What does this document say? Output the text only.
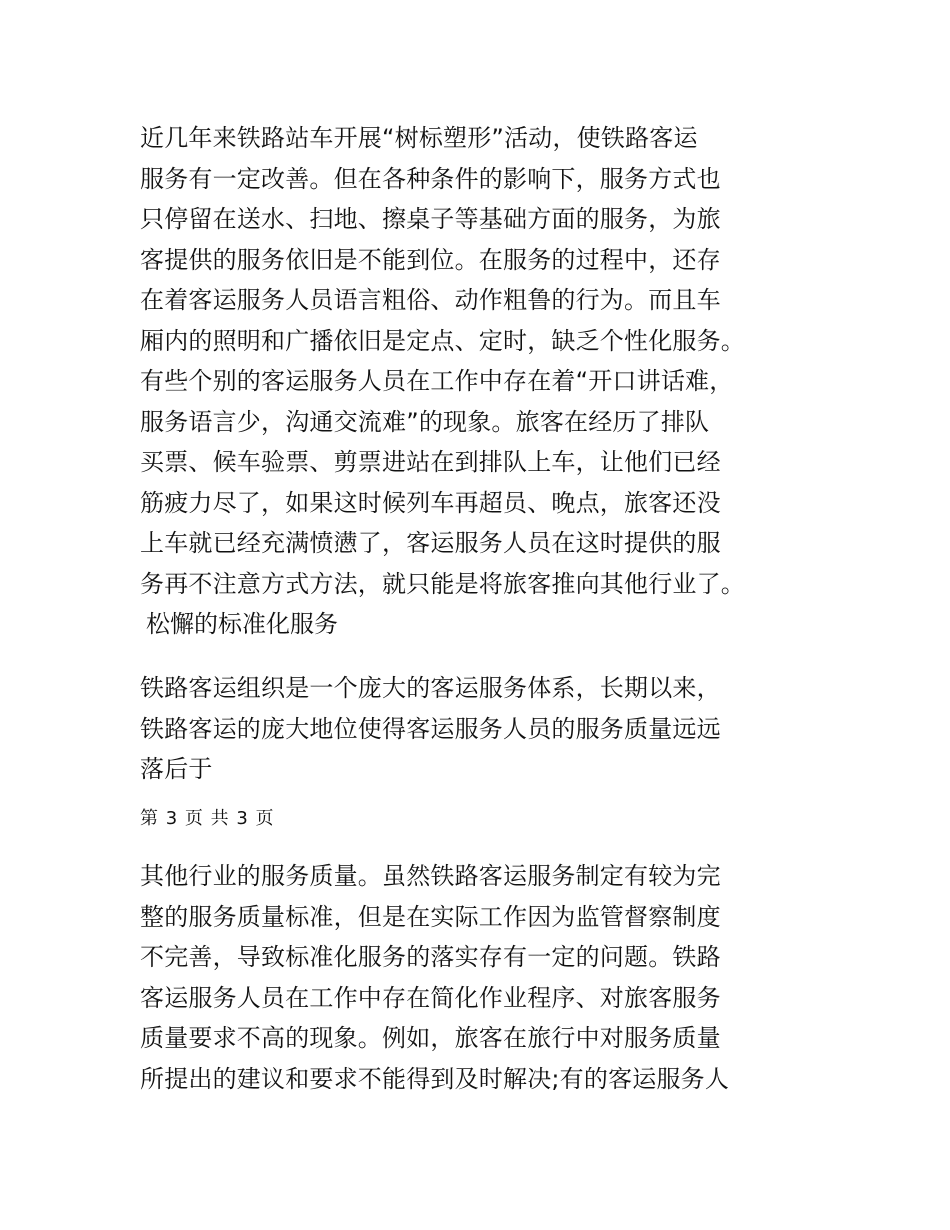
近几年来铁路站车开展“树标塑形”活动，使铁路客运
服务有一定改善。但在各种条件的影响下，服务方式也
只停留在送水、扫地、擦桌子等基础方面的服务，为旅
客提供的服务依旧是不能到位。在服务的过程中，还存
在着客运服务人员语言粗俗、动作粗鲁的行为。而且车
厢内的照明和广播依旧是定点、定时，缺乏个性化服务。
有些个别的客运服务人员在工作中存在着“开口讲话难，
服务语言少，沟通交流难”的现象。旅客在经历了排队
买票、候车验票、剪票进站在到排队上车，让他们已经
筋疲力尽了，如果这时候列车再超员、晚点，旅客还没
上车就已经充满愤懑了，客运服务人员在这时提供的服
务再不注意方式方法，就只能是将旅客推向其他行业了。
松懈的标准化服务
铁路客运组织是一个庞大的客运服务体系，长期以来，
铁路客运的庞大地位使得客运服务人员的服务质量远远
落后于
第 3 页 共 3 页
其他行业的服务质量。虽然铁路客运服务制定有较为完
整的服务质量标准，但是在实际工作因为监管督察制度
不完善，导致标准化服务的落实存有一定的问题。铁路
客运服务人员在工作中存在简化作业程序、对旅客服务
质量要求不高的现象。例如，旅客在旅行中对服务质量
所提出的建议和要求不能得到及时解决;有的客运服务人
